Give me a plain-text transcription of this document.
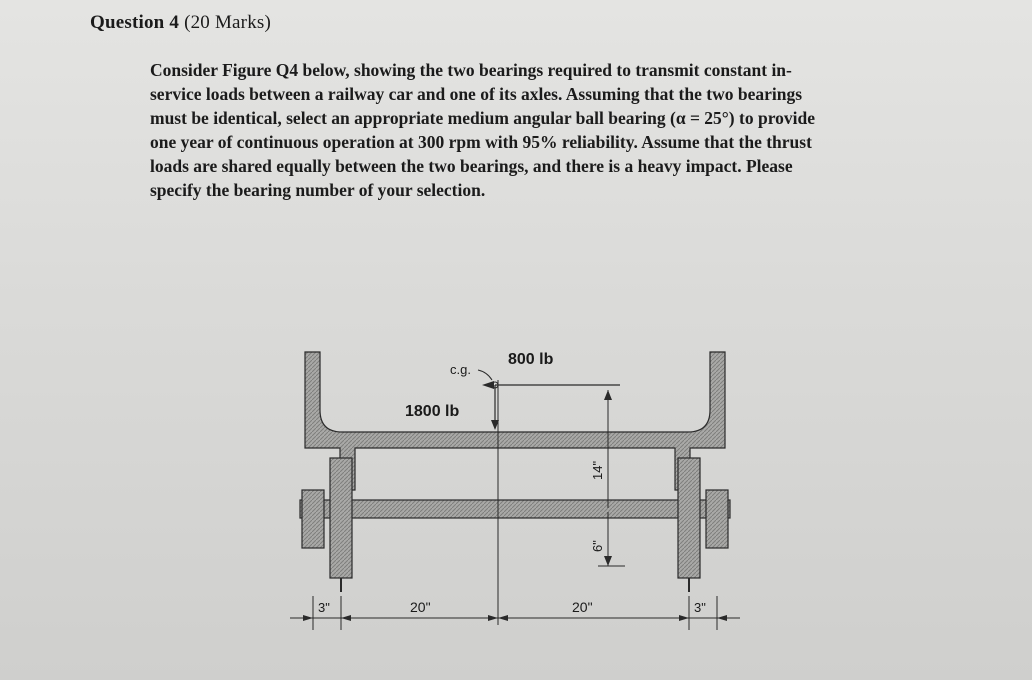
Question 4 (20 Marks)
Consider Figure Q4 below, showing the two bearings required to transmit constant in-
service loads between a railway car and one of its axles. Assuming that the two bearings
must be identical, select an appropriate medium angular ball bearing (α = 25°) to provide
one year of continuous operation at 300 rpm with 95% reliability. Assume that the thrust
loads are shared equally between the two bearings, and there is a heavy impact. Please
specify the bearing number of your selection.
c.g.
800 lb
1800 lb
14"
6"
3"	20"	20"	3"
